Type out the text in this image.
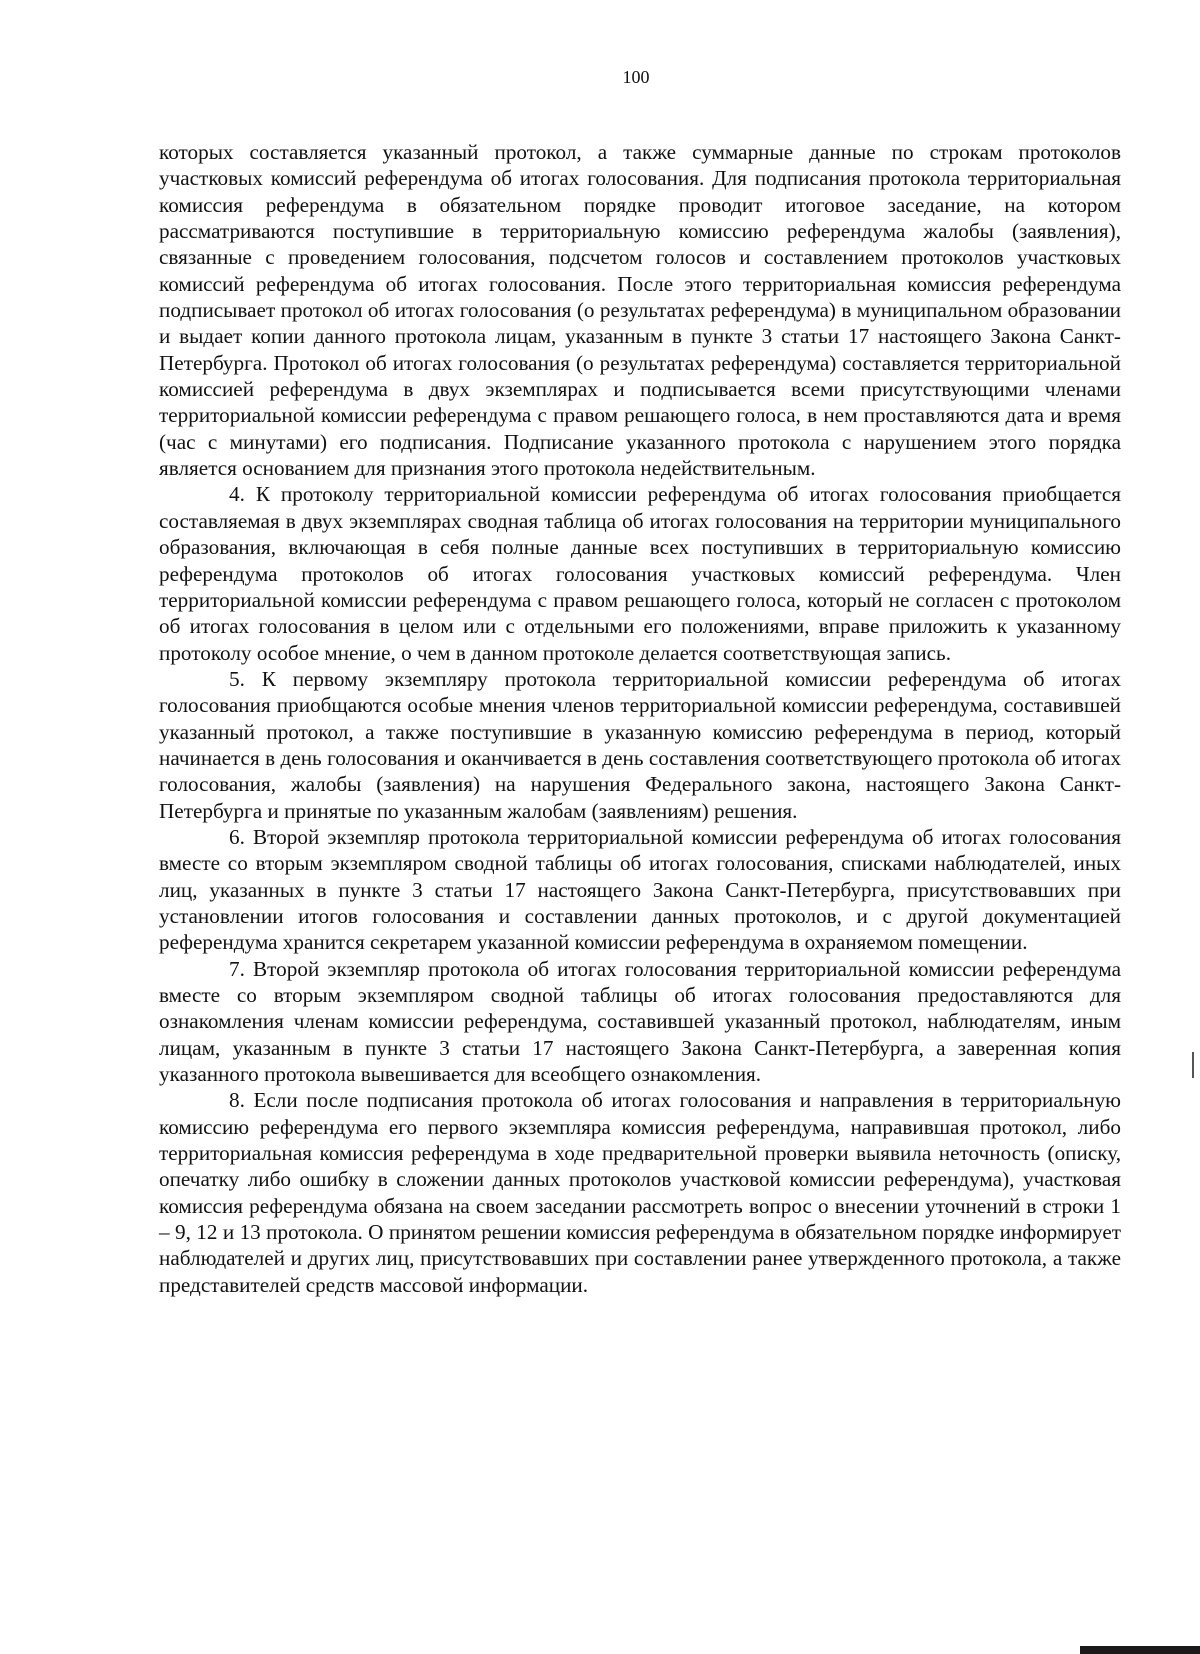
100

которых составляется указанный протокол, а также суммарные данные по строкам протоколов участковых комиссий референдума об итогах голосования. Для подписания протокола территориальная комиссия референдума в обязательном порядке проводит итоговое заседание, на котором рассматриваются поступившие в территориальную комиссию референдума жалобы (заявления), связанные с проведением голосования, подсчетом голосов и составлением протоколов участковых комиссий референдума об итогах голосования. После этого территориальная комиссия референдума подписывает протокол об итогах голосования (о результатах референдума) в муниципальном образовании и выдает копии данного протокола лицам, указанным в пункте 3 статьи 17 настоящего Закона Санкт-Петербурга. Протокол об итогах голосования (о результатах референдума) составляется территориальной комиссией референдума в двух экземплярах и подписывается всеми присутствующими членами территориальной комиссии референдума с правом решающего голоса, в нем проставляются дата и время (час с минутами) его подписания. Подписание указанного протокола с нарушением этого порядка является основанием для признания этого протокола недействительным.

4. К протоколу территориальной комиссии референдума об итогах голосования приобщается составляемая в двух экземплярах сводная таблица об итогах голосования на территории муниципального образования, включающая в себя полные данные всех поступивших в территориальную комиссию референдума протоколов об итогах голосования участковых комиссий референдума. Член территориальной комиссии референдума с правом решающего голоса, который не согласен с протоколом об итогах голосования в целом или с отдельными его положениями, вправе приложить к указанному протоколу особое мнение, о чем в данном протоколе делается соответствующая запись.

5. К первому экземпляру протокола территориальной комиссии референдума об итогах голосования приобщаются особые мнения членов территориальной комиссии референдума, составившей указанный протокол, а также поступившие в указанную комиссию референдума в период, который начинается в день голосования и оканчивается в день составления соответствующего протокола об итогах голосования, жалобы (заявления) на нарушения Федерального закона, настоящего Закона Санкт-Петербурга и принятые по указанным жалобам (заявлениям) решения.

6. Второй экземпляр протокола территориальной комиссии референдума об итогах голосования вместе со вторым экземпляром сводной таблицы об итогах голосования, списками наблюдателей, иных лиц, указанных в пункте 3 статьи 17 настоящего Закона Санкт-Петербурга, присутствовавших при установлении итогов голосования и составлении данных протоколов, и с другой документацией референдума хранится секретарем указанной комиссии референдума в охраняемом помещении.

7. Второй экземпляр протокола об итогах голосования территориальной комиссии референдума вместе со вторым экземпляром сводной таблицы об итогах голосования предоставляются для ознакомления членам комиссии референдума, составившей указанный протокол, наблюдателям, иным лицам, указанным в пункте 3 статьи 17 настоящего Закона Санкт-Петербурга, а заверенная копия указанного протокола вывешивается для всеобщего ознакомления.

8. Если после подписания протокола об итогах голосования и направления в территориальную комиссию референдума его первого экземпляра комиссия референдума, направившая протокол, либо территориальная комиссия референдума в ходе предварительной проверки выявила неточность (описку, опечатку либо ошибку в сложении данных протоколов участковой комиссии референдума), участковая комиссия референдума обязана на своем заседании рассмотреть вопрос о внесении уточнений в строки 1 – 9, 12 и 13 протокола. О принятом решении комиссия референдума в обязательном порядке информирует наблюдателей и других лиц, присутствовавших при составлении ранее утвержденного протокола, а также представителей средств массовой информации.
